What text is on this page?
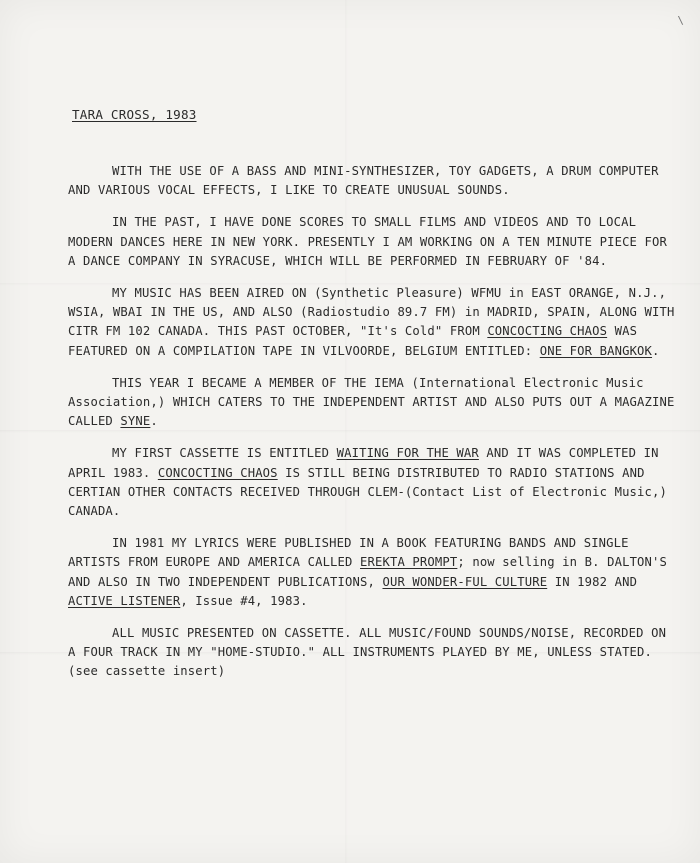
\
TARA CROSS, 1983

WITH THE USE OF A BASS AND MINI-SYNTHESIZER, TOY GADGETS, A DRUM COMPUTER AND VARIOUS VOCAL EFFECTS, I LIKE TO CREATE UNUSUAL SOUNDS.

IN THE PAST, I HAVE DONE SCORES TO SMALL FILMS AND VIDEOS AND TO LOCAL MODERN DANCES HERE IN NEW YORK. PRESENTLY I AM WORKING ON A TEN MINUTE PIECE FOR A DANCE COMPANY IN SYRACUSE, WHICH WILL BE PERFORMED IN FEBRUARY OF '84.

MY MUSIC HAS BEEN AIRED ON (Synthetic Pleasure) WFMU in EAST ORANGE, N.J., WSIA, WBAI IN THE US, AND ALSO (Radiostudio 89.7 FM) in MADRID, SPAIN, ALONG WITH CITR FM 102 CANADA. THIS PAST OCTOBER, "It's Cold" FROM CONCOCTING CHAOS WAS FEATURED ON A COMPILATION TAPE IN VILVOORDE, BELGIUM ENTITLED: ONE FOR BANGKOK.

THIS YEAR I BECAME A MEMBER OF THE IEMA (International Electronic Music Association,) WHICH CATERS TO THE INDEPENDENT ARTIST AND ALSO PUTS OUT A MAGAZINE CALLED SYNE.

MY FIRST CASSETTE IS ENTITLED WAITING FOR THE WAR AND IT WAS COMPLETED IN APRIL 1983. CONCOCTING CHAOS IS STILL BEING DISTRIBUTED TO RADIO STATIONS AND CERTIAN OTHER CONTACTS RECEIVED THROUGH CLEM-(Contact List of Electronic Music,) CANADA.

IN 1981 MY LYRICS WERE PUBLISHED IN A BOOK FEATURING BANDS AND SINGLE ARTISTS FROM EUROPE AND AMERICA CALLED EREKTA PROMPT; now selling in B. DALTON'S AND ALSO IN TWO INDEPENDENT PUBLICATIONS, OUR WONDER-FUL CULTURE IN 1982 AND ACTIVE LISTENER, Issue #4, 1983.

ALL MUSIC PRESENTED ON CASSETTE. ALL MUSIC/FOUND SOUNDS/NOISE, RECORDED ON A FOUR TRACK IN MY "HOME-STUDIO." ALL INSTRUMENTS PLAYED BY ME, UNLESS STATED. (see cassette insert)
